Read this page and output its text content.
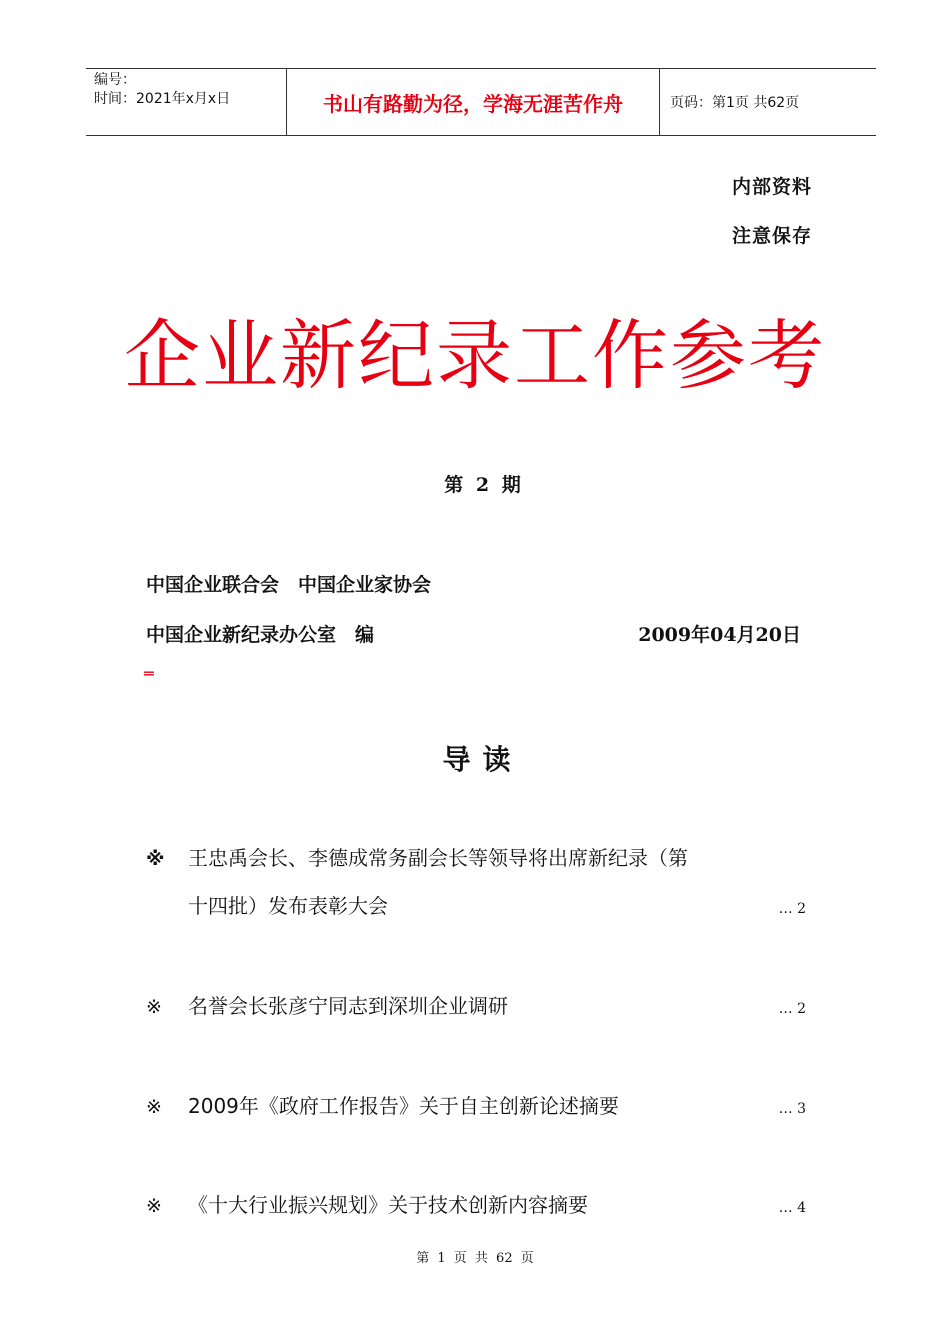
编号：
时间：2021年x月x日	书山有路勤为径，学海无涯苦作舟	页码：第1页 共62页
内部资料
注意保存
企业新纪录工作参考
第 2 期
中国企业联合会　中国企业家协会
中国企业新纪录办公室　编	2009年04月20日
═
导读
※	王忠禹会长、李德成常务副会长等领导将出席新纪录（第
十四批）发布表彰大会	… 2
※	名誉会长张彦宁同志到深圳企业调研	… 2
※	2009年《政府工作报告》关于自主创新论述摘要	… 3
※	《十大行业振兴规划》关于技术创新内容摘要	… 4
第 1 页 共 62 页
